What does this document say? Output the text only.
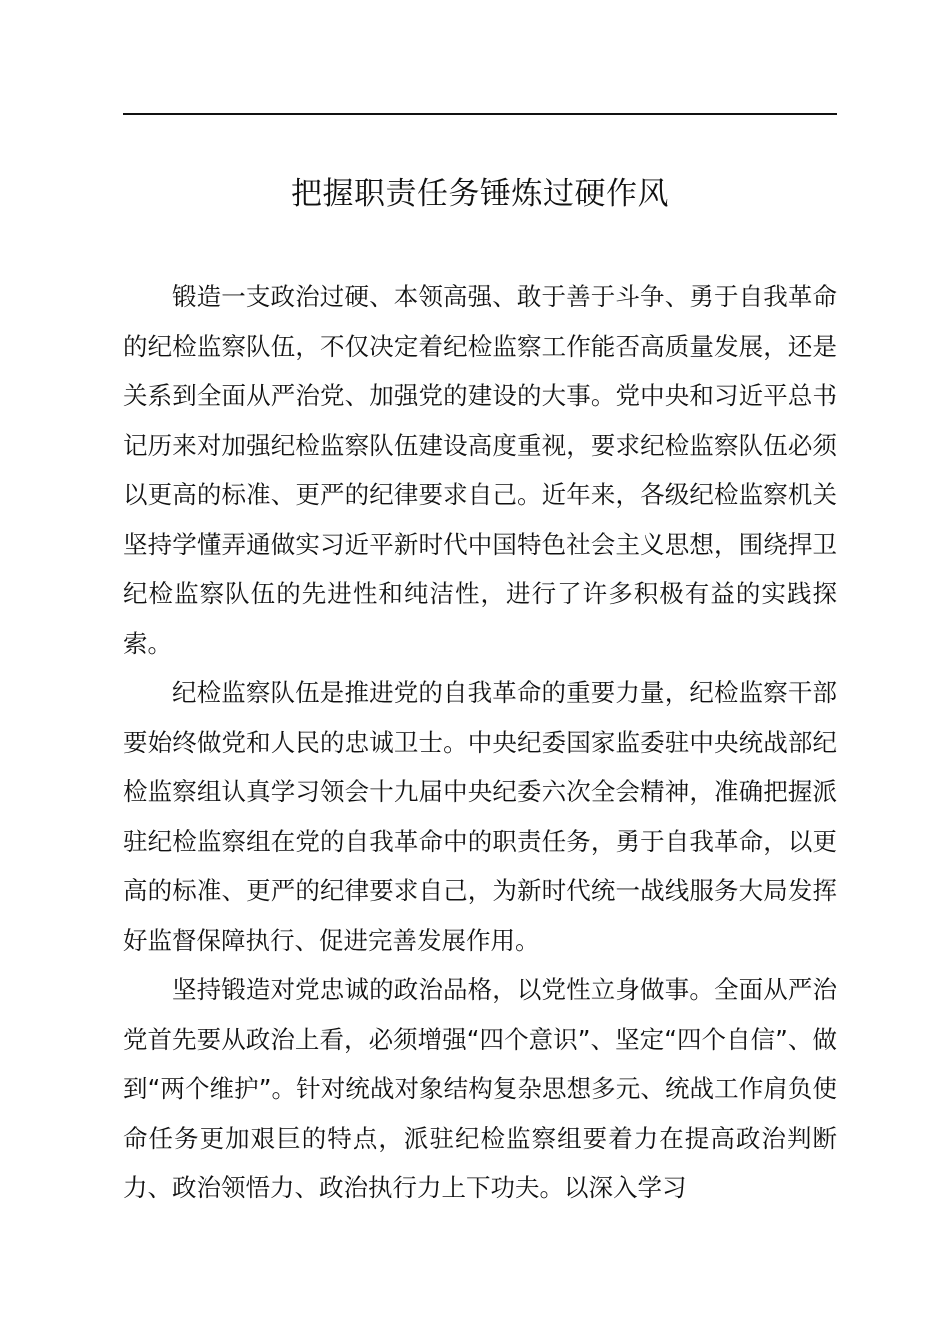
把握职责任务锤炼过硬作风

锻造一支政治过硬、本领高强、敢于善于斗争、勇于自我革命的纪检监察队伍，不仅决定着纪检监察工作能否高质量发展，还是关系到全面从严治党、加强党的建设的大事。党中央和习近平总书记历来对加强纪检监察队伍建设高度重视，要求纪检监察队伍必须以更高的标准、更严的纪律要求自己。近年来，各级纪检监察机关坚持学懂弄通做实习近平新时代中国特色社会主义思想，围绕捍卫纪检监察队伍的先进性和纯洁性，进行了许多积极有益的实践探索。

纪检监察队伍是推进党的自我革命的重要力量，纪检监察干部要始终做党和人民的忠诚卫士。中央纪委国家监委驻中央统战部纪检监察组认真学习领会十九届中央纪委六次全会精神，准确把握派驻纪检监察组在党的自我革命中的职责任务，勇于自我革命，以更高的标准、更严的纪律要求自己，为新时代统一战线服务大局发挥好监督保障执行、促进完善发展作用。

坚持锻造对党忠诚的政治品格，以党性立身做事。全面从严治党首先要从政治上看，必须增强“四个意识”、坚定“四个自信”、做到“两个维护”。针对统战对象结构复杂思想多元、统战工作肩负使命任务更加艰巨的特点，派驻纪检监察组要着力在提高政治判断力、政治领悟力、政治执行力上下功夫。以深入学习
